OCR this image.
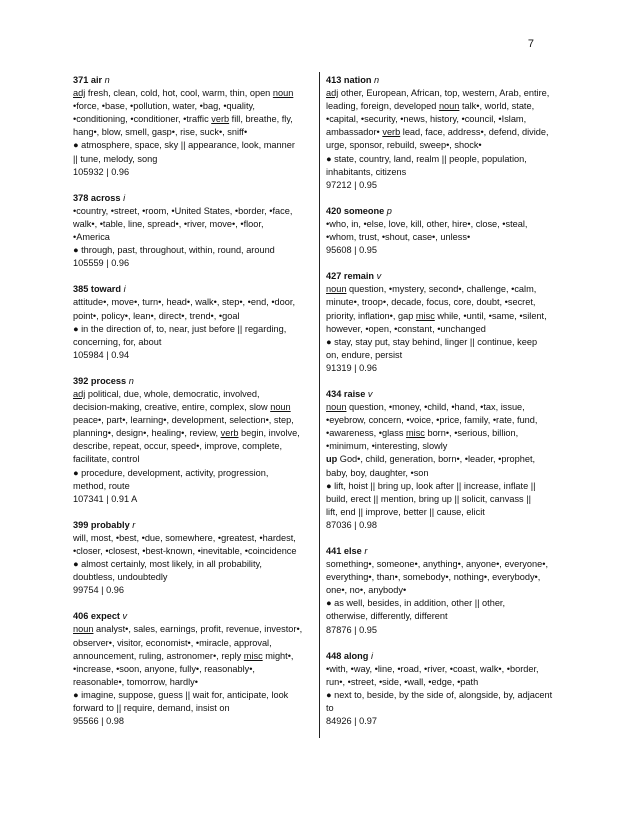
7
371 air n
adj fresh, clean, cold, hot, cool, warm, thin, open noun
•force, •base, •pollution, water, •bag, •quality,
•conditioning, •conditioner, •traffic verb fill, breathe, fly,
hang•, blow, smell, gasp•, rise, suck•, sniff•
● atmosphere, space, sky || appearance, look, manner
|| tune, melody, song
105932 | 0.96
378 across i
•country, •street, •room, •United States, •border, •face,
walk•, •table, line, spread•, •river, move•, •floor,
•America
● through, past, throughout, within, round, around
105559 | 0.96
385 toward i
attitude•, move•, turn•, head•, walk•, step•, •end, •door,
point•, policy•, lean•, direct•, trend•, •goal
● in the direction of, to, near, just before || regarding,
concerning, for, about
105984 | 0.94
392 process n
adj political, due, whole, democratic, involved,
decision-making, creative, entire, complex, slow noun
peace•, part•, learning•, development, selection•, step,
planning•, design•, healing•, review, verb begin, involve,
describe, repeat, occur, speed•, improve, complete,
facilitate, control
● procedure, development, activity, progression,
method, route
107341 | 0.91 A
399 probably r
will, most, •best, •due, somewhere, •greatest, •hardest,
•closer, •closest, •best-known, •inevitable, •coincidence
● almost certainly, most likely, in all probability,
doubtless, undoubtedly
99754 | 0.96
406 expect v
noun analyst•, sales, earnings, profit, revenue, investor•,
observer•, visitor, economist•, •miracle, approval,
announcement, ruling, astronomer•, reply misc might•,
•increase, •soon, anyone, fully•, reasonably•,
reasonable•, tomorrow, hardly•
● imagine, suppose, guess || wait for, anticipate, look
forward to || require, demand, insist on
95566 | 0.98
413 nation n
adj other, European, African, top, western, Arab, entire,
leading, foreign, developed noun talk•, world, state,
•capital, •security, •news, history, •council, •Islam,
ambassador• verb lead, face, address•, defend, divide,
urge, sponsor, rebuild, sweep•, shock•
● state, country, land, realm || people, population,
inhabitants, citizens
97212 | 0.95
420 someone p
•who, in, •else, love, kill, other, hire•, close, •steal,
•whom, trust, •shout, case•, unless•
95608 | 0.95
427 remain v
noun question, •mystery, second•, challenge, •calm,
minute•, troop•, decade, focus, core, doubt, •secret,
priority, inflation•, gap misc while, •until, •same, •silent,
however, •open, •constant, •unchanged
● stay, stay put, stay behind, linger || continue, keep
on, endure, persist
91319 | 0.96
434 raise v
noun question, •money, •child, •hand, •tax, issue,
•eyebrow, concern, •voice, •price, family, •rate, fund,
•awareness, •glass misc born•, •serious, billion,
•minimum, •interesting, slowly
up God•, child, generation, born•, •leader, •prophet,
baby, boy, daughter, •son
● lift, hoist || bring up, look after || increase, inflate ||
build, erect || mention, bring up || solicit, canvass ||
lift, end || improve, better || cause, elicit
87036 | 0.98
441 else r
something•, someone•, anything•, anyone•, everyone•,
everything•, than•, somebody•, nothing•, everybody•,
one•, no•, anybody•
● as well, besides, in addition, other || other,
otherwise, differently, different
87876 | 0.95
448 along i
•with, •way, •line, •road, •river, •coast, walk•, •border,
run•, •street, •side, •wall, •edge, •path
● next to, beside, by the side of, alongside, by, adjacent
to
84926 | 0.97
